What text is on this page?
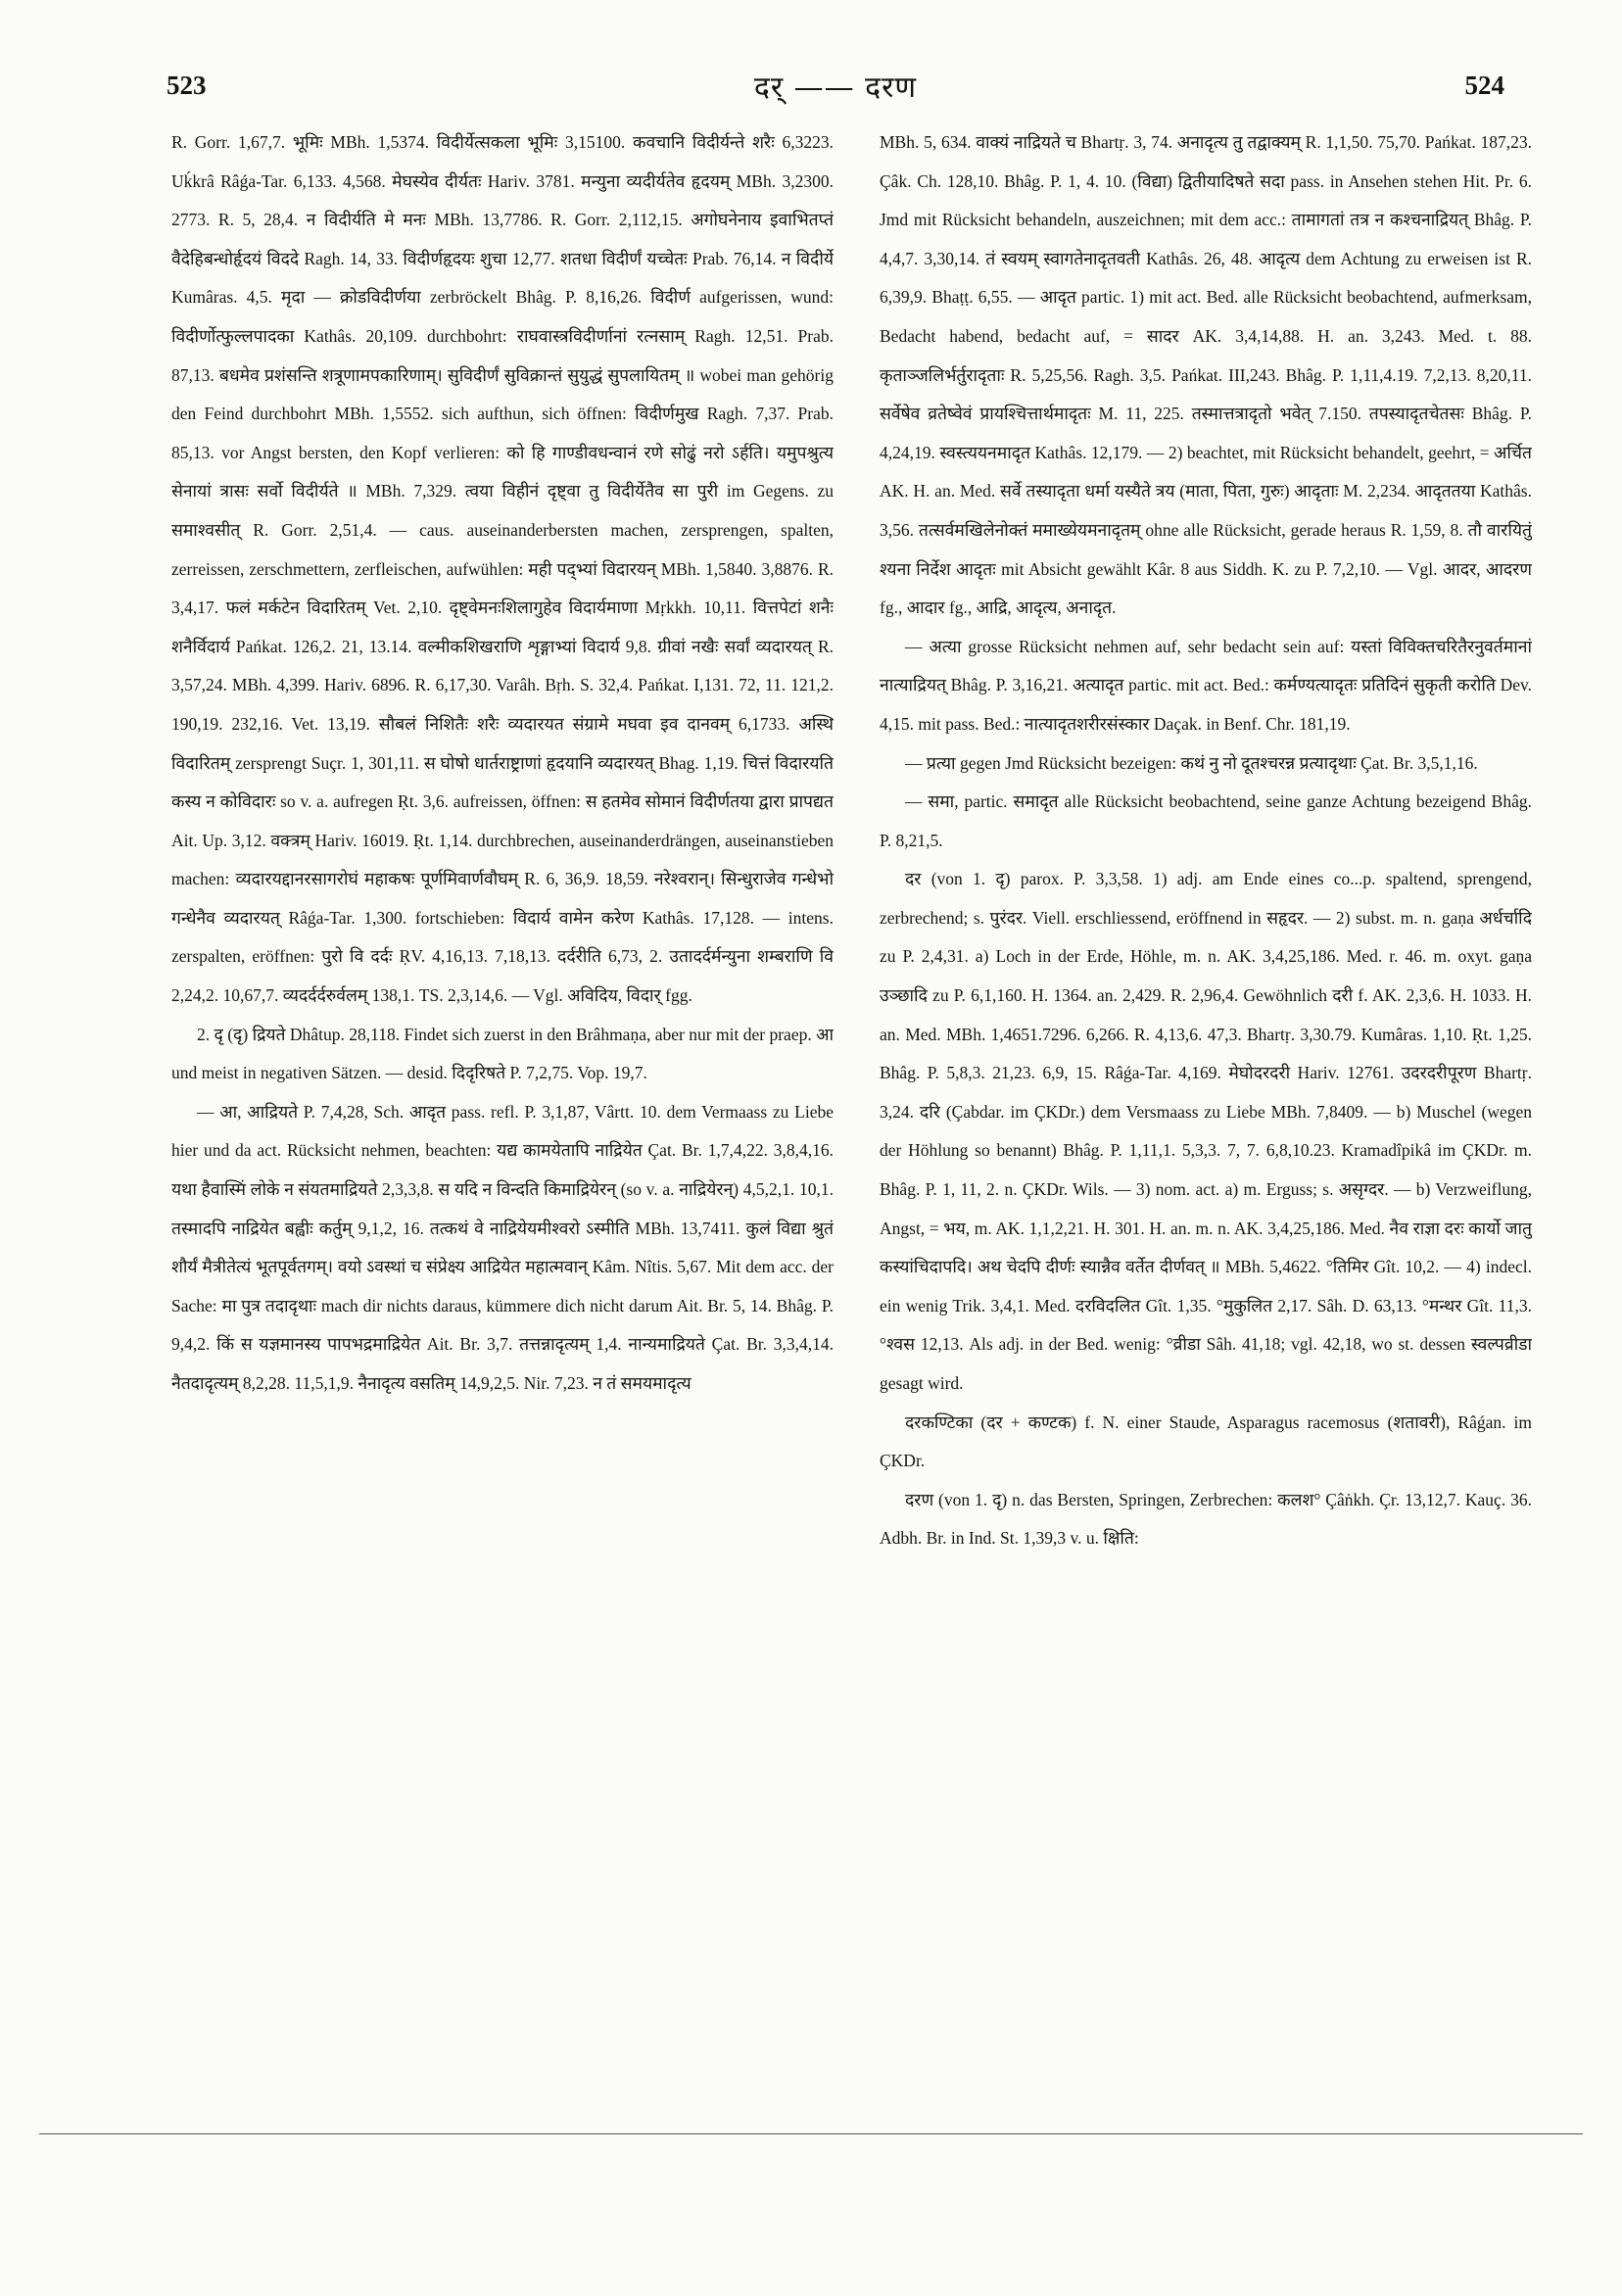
523	दर् —— दरण	524

R. Gorr. 1,67,7. भूमिः MBh. 1,5374. विदीर्येत्सकला भूमिः 3,15100. कवचानि विदीर्यन्ते शरैः 6,3223. Uḱkrâ Râǵa-Tar. 6,133. 4,568. मेघस्येव दीर्यतः Hariv. 3781. मन्युना व्यदीर्यतेव हृदयम् MBh. 3,2300. 2773. R. 5, 28,4. न विदीर्यति मे मनः MBh. 13,7786. R. Gorr. 2,112,15. अगोघनेनाय इवाभितप्तं वैदेहिबन्धोर्हृदयं विददे Ragh. 14, 33. विदीर्णहृदयः शुचा 12,77. शतधा विदीर्णं यच्चेतः Prab. 76,14. न विदीर्ये Kumâras. 4,5. मृदा — क्रोडविदीर्णया zerbröckelt Bhâg. P. 8,16,26. विदीर्ण aufgerissen, wund: विदीर्णोत्फुल्लपादका Kathâs. 20,109. durchbohrt: राघवास्त्रविदीर्णानां रत्नसाम् Ragh. 12,51. Prab. 87,13. बधमेव प्रशंसन्ति शत्रूणामपकारिणाम्। सुविदीर्णं सुविक्रान्तं सुयुद्धं सुपलायितम् ॥ wobei man gehörig den Feind durchbohrt MBh. 1,5552. sich aufthun, sich öffnen: विदीर्णमुख Ragh. 7,37. Prab. 85,13. vor Angst bersten, den Kopf verlieren: को हि गाण्डीवधन्वानं रणे सोढुं नरो ऽर्हति। यमुपश्रुत्य सेनायां त्रासः सर्वो विदीर्यते ॥ MBh. 7,329. त्वया विहीनं दृष्ट्वा तु विदीर्येतैव सा पुरी im Gegens. zu समाश्वसीत् R. Gorr. 2,51,4. — caus. auseinanderbersten machen, zersprengen, spalten, zerreissen, zerschmettern, zerfleischen, aufwühlen: मही पद्भ्यां विदारयन् MBh. 1,5840. 3,8876. R. 3,4,17. फलं मर्कटेन विदारितम् Vet. 2,10. दृष्ट्वेमनःशिलागुहेव विदार्यमाणा Mṛkkh. 10,11. वित्तपेटां शनैः शनैर्विदार्य Pańkat. 126,2. 21, 13.14. वल्मीकशिखराणि शृङ्गाभ्यां विदार्य 9,8. ग्रीवां नखैः सर्वां व्यदारयत् R. 3,57,24. MBh. 4,399. Hariv. 6896. R. 6,17,30. Varâh. Bṛh. S. 32,4. Pańkat. I,131. 72, 11. 121,2. 190,19. 232,16. Vet. 13,19. सौबलं निशितैः शरैः व्यदारयत संग्रामे मघवा इव दानवम् 6,1733. अस्थि विदारितम् zersprengt Suçr. 1, 301,11. स घोषो धार्तराष्ट्राणां हृदयानि व्यदारयत् Bhag. 1,19. चित्तं विदारयति कस्य न कोविदारः so v. a. aufregen Ṛt. 3,6. aufreissen, öffnen: स हतमेव सोमानं विदीर्णतया द्वारा प्रापद्यत Ait. Up. 3,12. वक्त्रम् Hariv. 16019. Ṛt. 1,14. durchbrechen, auseinanderdrängen, auseinanstieben machen: व्यदारयद्दानरसागरोघं महाकषः पूर्णमिवार्णवौघम् R. 6, 36,9. 18,59. नरेश्वरान्। सिन्धुराजेव गन्धेभो गन्धेनैव व्यदारयत् Râǵa-Tar. 1,300. fortschieben: विदार्य वामेन करेण Kathâs. 17,128. — intens. zerspalten, eröffnen: पुरो वि दर्दः ṚV. 4,16,13. 7,18,13. दर्दरीति 6,73, 2. उतादर्दर्मन्युना शम्बराणि वि 2,24,2. 10,67,7. व्यदर्दर्दरुर्वलम् 138,1. TS. 2,3,14,6. — Vgl. अविदिय, विदार् fgg.

2. दृ (दृ) द्रियते Dhâtup. 28,118. Findet sich zuerst in den Brâhmaṇa, aber nur mit der praep. आ und meist in negativen Sätzen. — desid. दिदृरिषते P. 7,2,75. Vop. 19,7.

— आ, आद्रियते P. 7,4,28, Sch. आदृत pass. refl. P. 3,1,87, Vârtt. 10. dem Vermaass zu Liebe hier und da act. Rücksicht nehmen, beachten: यद्य कामयेतापि नाद्रियेत Çat. Br. 1,7,4,22. 3,8,4,16. यथा हैवास्मिं लोके न संयतमाद्रियते 2,3,3,8. स यदि न विन्दति किमाद्रियेरन् (so v. a. नाद्रियेरन्) 4,5,2,1. 10,1. तस्मादपि नाद्रियेत बह्वीः कर्तुम् 9,1,2, 16. तत्कथं वे नाद्रियेयमीश्वरो ऽस्मीति MBh. 13,7411. कुलं विद्या श्रुतं शौर्यं मैत्रीतेत्यं भूतपूर्वतगम्। वयो ऽवस्थां च संप्रेक्ष्य आद्रियेत महात्मवान् Kâm. Nîtis. 5,67. Mit dem acc. der Sache: मा पुत्र तदादृथाः mach dir nichts daraus, kümmere dich nicht darum Ait. Br. 5, 14. Bhâg. P. 9,4,2. किं स यज्ञमानस्य पापभद्रमाद्रियेत Ait. Br. 3,7. तत्तन्नादृत्यम् 1,4. नान्यमाद्रियते Çat. Br. 3,3,4,14. नैतदादृत्यम् 8,2,28. 11,5,1,9. नैनादृत्य वसतिम् 14,9,2,5. Nir. 7,23. न तं समयमादृत्य

MBh. 5, 634. वाक्यं नाद्रियते च Bhartṛ. 3, 74. अनादृत्य तु तद्वाक्यम् R. 1,1,50. 75,70. Pańkat. 187,23. Çâk. Ch. 128,10. Bhâg. P. 1, 4. 10. (विद्या) द्वितीयादिषते सदा pass. in Ansehen stehen Hit. Pr. 6. Jmd mit Rücksicht behandeln, auszeichnen; mit dem acc.: तामागतां तत्र न कश्चनाद्रियत् Bhâg. P. 4,4,7. 3,30,14. तं स्वयम् स्वागतेनादृतवती Kathâs. 26, 48. आदृत्य dem Achtung zu erweisen ist R. 6,39,9. Bhaṭṭ. 6,55. — आदृत partic. 1) mit act. Bed. alle Rücksicht beobachtend, aufmerksam, Bedacht habend, bedacht auf, = सादर AK. 3,4,14,88. H. an. 3,243. Med. t. 88. कृताञ्जलिर्भर्तुरादृताः R. 5,25,56. Ragh. 3,5. Pańkat. III,243. Bhâg. P. 1,11,4.19. 7,2,13. 8,20,11. सर्वेषेव व्रतेष्वेवं प्रायश्चित्तार्थमादृतः M. 11, 225. तस्मात्तत्रादृतो भवेत् 7.150. तपस्यादृतचेतसः Bhâg. P. 4,24,19. स्वस्त्ययनमादृत Kathâs. 12,179. — 2) beachtet, mit Rücksicht behandelt, geehrt, = अर्चित AK. H. an. Med. सर्वे तस्यादृता धर्मा यस्यैते त्रय (माता, पिता, गुरुः) आदृताः M. 2,234. आदृततया Kathâs. 3,56. तत्सर्वमखिलेनोक्तं ममाख्येयमनादृतम् ohne alle Rücksicht, gerade heraus R. 1,59, 8. तौ वारयितुं श्यना निर्देश आदृतः mit Absicht gewählt Kâr. 8 aus Siddh. K. zu P. 7,2,10. — Vgl. आदर, आदरण fg., आदार fg., आद्रि, आदृत्य, अनादृत.

— अत्या grosse Rücksicht nehmen auf, sehr bedacht sein auf: यस्तां विविक्तचरितैरनुवर्तमानां नात्याद्रियत् Bhâg. P. 3,16,21. अत्यादृत partic. mit act. Bed.: कर्मण्यत्यादृतः प्रतिदिनं सुकृती करोति Dev. 4,15. mit pass. Bed.: नात्यादृतशरीरसंस्कार Daçak. in Benf. Chr. 181,19.

— प्रत्या gegen Jmd Rücksicht bezeigen: कथं नु नो दूतश्चरन्न प्रत्यादृथाः Çat. Br. 3,5,1,16.

— समा, partic. समादृत alle Rücksicht beobachtend, seine ganze Achtung bezeigend Bhâg. P. 8,21,5.

दर (von 1. दृ) parox. P. 3,3,58. 1) adj. am Ende eines co...p. spaltend, sprengend, zerbrechend; s. पुरंदर. Viell. erschliessend, eröffnend in सहृदर. — 2) subst. m. n. gaṇa अर्धर्चादि zu P. 2,4,31. a) Loch in der Erde, Höhle, m. n. AK. 3,4,25,186. Med. r. 46. m. oxyt. gaṇa उञ्छादि zu P. 6,1,160. H. 1364. an. 2,429. R. 2,96,4. Gewöhnlich दरी f. AK. 2,3,6. H. 1033. H. an. Med. MBh. 1,4651.7296. 6,266. R. 4,13,6. 47,3. Bhartṛ. 3,30.79. Kumâras. 1,10. Ṛt. 1,25. Bhâg. P. 5,8,3. 21,23. 6,9, 15. Râǵa-Tar. 4,169. मेघोदरदरी Hariv. 12761. उदरदरीपूरण Bhartṛ. 3,24. दरि (Çabdar. im ÇKDr.) dem Versmaass zu Liebe MBh. 7,8409. — b) Muschel (wegen der Höhlung so benannt) Bhâg. P. 1,11,1. 5,3,3. 7, 7. 6,8,10.23. Kramadîpikâ im ÇKDr. m. Bhâg. P. 1, 11, 2. n. ÇKDr. Wils. — 3) nom. act. a) m. Erguss; s. असृग्दर. — b) Verzweiflung, Angst, = भय, m. AK. 1,1,2,21. H. 301. H. an. m. n. AK. 3,4,25,186. Med. नैव राज्ञा दरः कार्यो जातु कस्यांचिदापदि। अथ चेदपि दीर्णः स्यान्नैव वर्तेत दीर्णवत् ॥ MBh. 5,4622. °तिमिर Gît. 10,2. — 4) indecl. ein wenig Trik. 3,4,1. Med. दरविदलित Gît. 1,35. °मुकुलित 2,17. Sâh. D. 63,13. °मन्थर Gît. 11,3. °श्वस 12,13. Als adj. in der Bed. wenig: °व्रीडा Sâh. 41,18; vgl. 42,18, wo st. dessen स्वल्पव्रीडा gesagt wird.

दरकण्टिका (दर + कण्टक) f. N. einer Staude, Asparagus racemosus (शतावरी), Râǵan. im ÇKDr.

दरण (von 1. दृ) n. das Bersten, Springen, Zerbrechen: कलश° Çâṅkh. Çr. 13,12,7. Kauç. 36. Adbh. Br. in Ind. St. 1,39,3 v. u. क्षिति:
